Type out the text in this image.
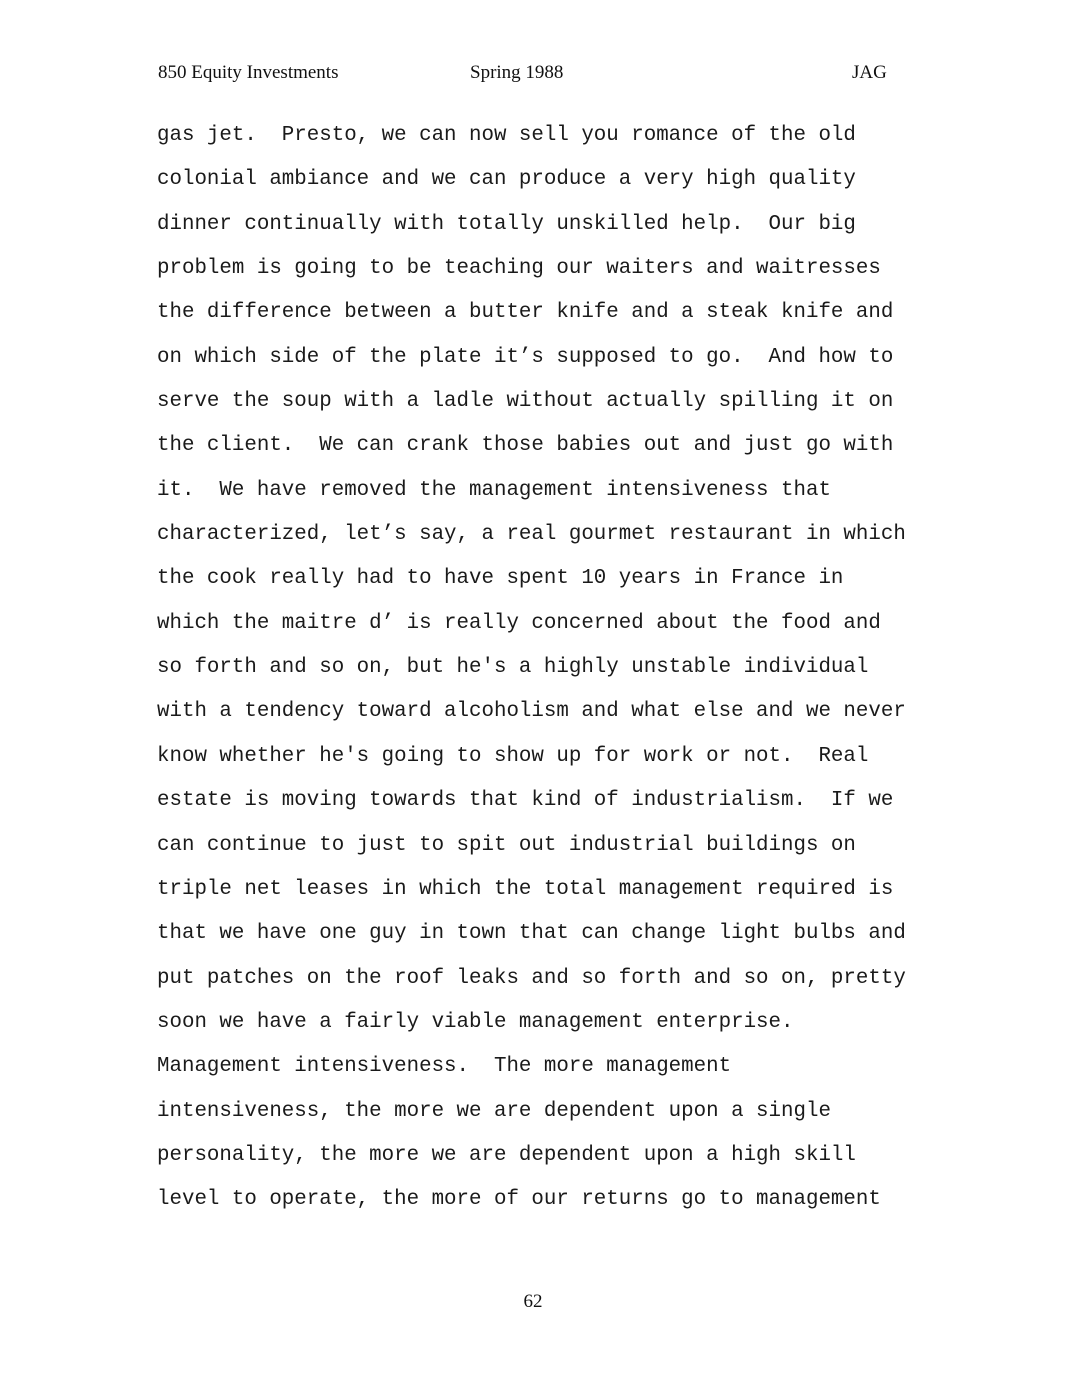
850 Equity Investments	Spring 1988	JAG
gas jet.  Presto, we can now sell you romance of the old
colonial ambiance and we can produce a very high quality
dinner continually with totally unskilled help.  Our big
problem is going to be teaching our waiters and waitresses
the difference between a butter knife and a steak knife and
on which side of the plate it’s supposed to go.  And how to
serve the soup with a ladle without actually spilling it on
the client.  We can crank those babies out and just go with
it.  We have removed the management intensiveness that
characterized, let’s say, a real gourmet restaurant in which
the cook really had to have spent 10 years in France in
which the maitre d’ is really concerned about the food and
so forth and so on, but he's a highly unstable individual
with a tendency toward alcoholism and what else and we never
know whether he's going to show up for work or not.  Real
estate is moving towards that kind of industrialism.  If we
can continue to just to spit out industrial buildings on
triple net leases in which the total management required is
that we have one guy in town that can change light bulbs and
put patches on the roof leaks and so forth and so on, pretty
soon we have a fairly viable management enterprise.
Management intensiveness.  The more management
intensiveness, the more we are dependent upon a single
personality, the more we are dependent upon a high skill
level to operate, the more of our returns go to management
62
